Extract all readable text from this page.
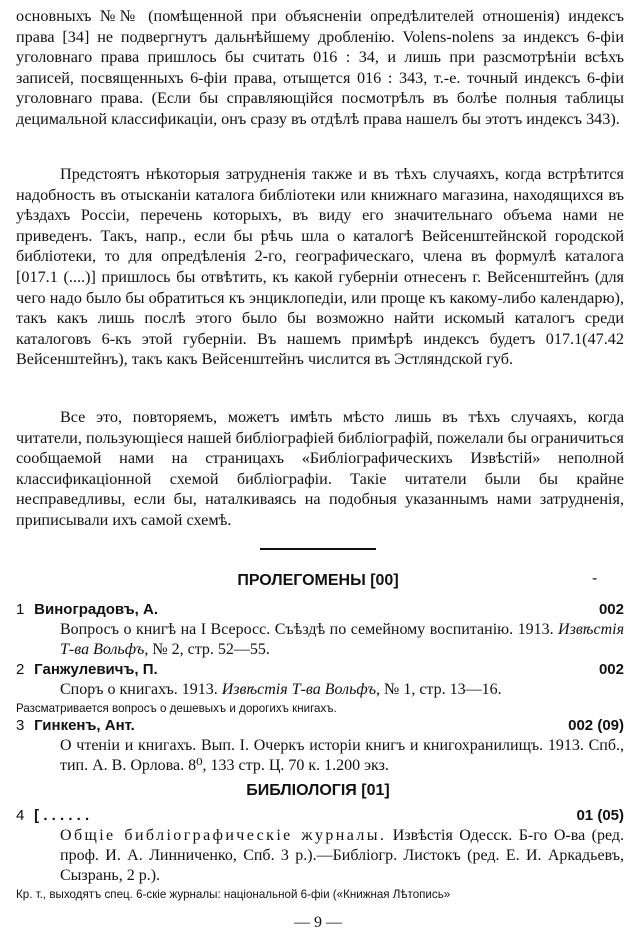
основныхъ №№ (помѣщенной при объясненіи опредѣлителей отношенія) индексъ права [34] не подвергнутъ дальнѣйшему дробленію. Volens-nolens за индексъ 6-фіи уголовнаго права пришлось бы считать 016 : 34, и лишь при разсмотрѣніи всѣхъ записей, посвященныхъ 6-фіи права, отыщется 016 : 343, т.-е. точный индексъ 6-фіи уголовнаго права. (Если бы справляющійся посмотрѣлъ въ болѣе полныя таблицы децимальной классификаціи, онъ сразу въ отдѣлѣ права нашелъ бы этотъ индексъ 343).

Предстоятъ нѣкоторыя затрудненія также и въ тѣхъ случаяхъ, когда встрѣтится надобность въ отысканіи каталога библіотеки или книжнаго магазина, находящихся въ уѣздахъ Россіи, перечень которыхъ, въ виду его значительнаго объема нами не приведенъ. Такъ, напр., если бы рѣчь шла о каталогѣ Вейсенштейнской городской библіотеки, то для опредѣленія 2-го, географическаго, члена въ формулѣ каталога [017.1 (....)] пришлось бы отвѣтить, къ какой губерніи отнесенъ г. Вейсенштейнъ (для чего надо было бы обратиться къ энциклопедіи, или проще къ какому-либо календарю), такъ какъ лишь послѣ этого было бы возможно найти искомый каталогъ среди каталоговъ 6-къ этой губерніи. Въ нашемъ примѣрѣ индексъ будетъ 017.1(47.42 Вейсенштейнъ), такъ какъ Вейсенштейнъ числится въ Эстляндской губ.

Все это, повторяемъ, можетъ имѣть мѣсто лишь въ тѣхъ случаяхъ, когда читатели, пользующіеся нашей библіографіей библіографій, пожелали бы ограничиться сообщаемой нами на страницахъ «Библіографическихъ Извѣстій» неполной классификаціонной схемой библіографіи. Такіе читатели были бы крайне несправедливы, если бы, наталкиваясь на подобныя указаннымъ нами затрудненія, приписывали ихъ самой схемѣ.

ПРОЛЕГОМЕНЫ [00]	-
1 Виноградовъ, А.	002
Вопросъ о книгѣ на I Всеросс. Съѣздѣ по семейному воспитанію. 1913. Извѣстія Т-ва Вольфъ, № 2, стр. 52—55.
2 Ганжулевичъ, П.	002
Споръ о книгахъ. 1913. Извѣстія Т-ва Вольфъ, № 1, стр. 13—16.
Разсматривается вопросъ о дешевыхъ и дорогихъ книгахъ.
3 Гинкенъ, Ант.	002 (09)
О чтеніи и книгахъ. Вып. I. Очеркъ исторіи книгъ и книгохранилищъ. 1913. Спб., тип. А. В. Орлова. 8⁰, 133 стр. Ц. 70 к. 1.200 экз.
БИБЛІОЛОГІЯ [01]
4 [ . . . . . .	01 (05)
Общіе библіографическіе журналы. Извѣстія Одесск. Б-го О-ва (ред. проф. И. А. Линниченко, Спб. 3 р.).—Библіогр. Листокъ (ред. Е. И. Аркадьевъ, Сызрань, 2 р.).
Кр. т., выходятъ спец. 6-скіе журналы: національной 6-фіи («Книжная Лѣтопись»
— 9 —
